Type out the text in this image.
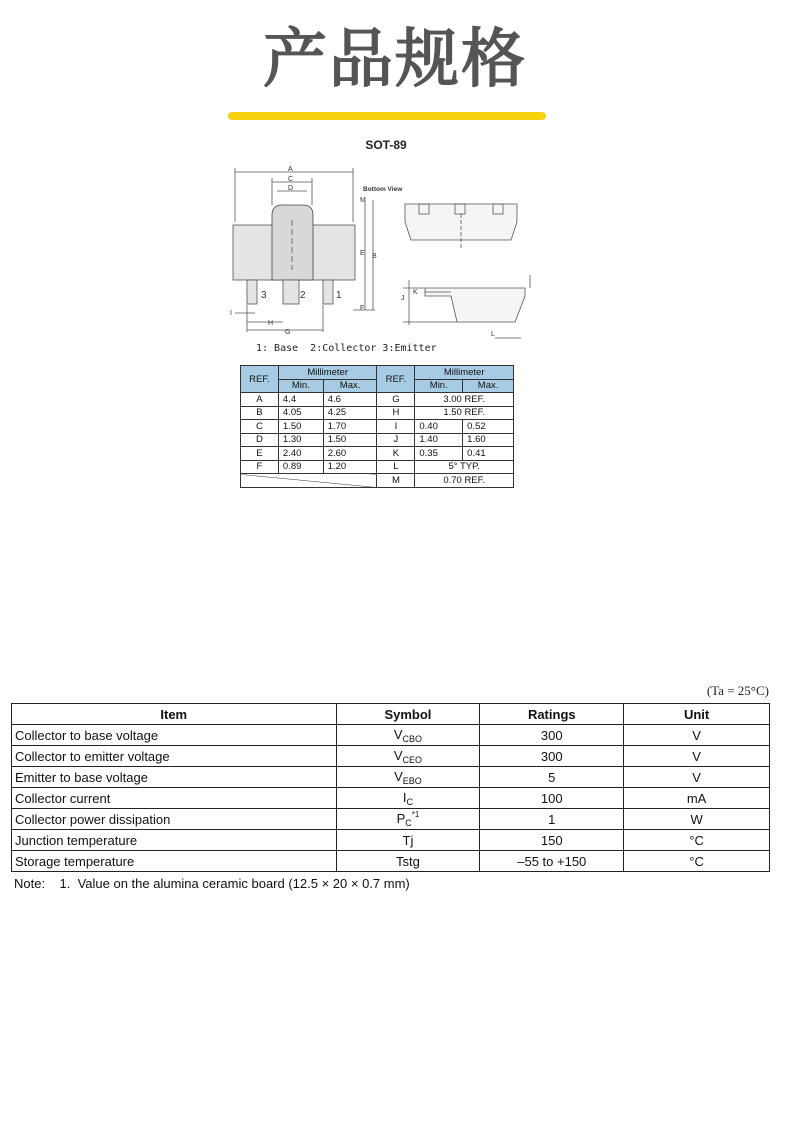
产品规格
SOT-89
Bottom View
A
C
D
M
B
E
F
I
H
G
J
K
L
3	2	1
1: Base  2:Collector 3:Emitter
REF.	Millimeter		REF.	Millimeter	
	Min.	Max.		Min.	Max.
A	4.4	4.6	G	3.00 REF.	
B	4.05	4.25	H	1.50 REF.	
C	1.50	1.70	I	0.40	0.52
D	1.30	1.50	J	1.40	1.60
E	2.40	2.60	K	0.35	0.41
F	0.89	1.20	L	5° TYP.	
			M	0.70 REF.	
(Ta = 25°C)
Item	Symbol	Ratings	Unit
Collector to base voltage	$V_{CBO}$	300	V
Collector to emitter voltage	$V_{CEO}$	300	V
Emitter to base voltage	$V_{EBO}$	5	V
Collector current	$I_C$	100	mA
Collector power dissipation	$P_C^{*1}$	1	W
Junction temperature	Tj	150	°C
Storage temperature	Tstg	–55 to +150	°C
Note:    1.  Value on the alumina ceramic board (12.5 × 20 × 0.7 mm)
